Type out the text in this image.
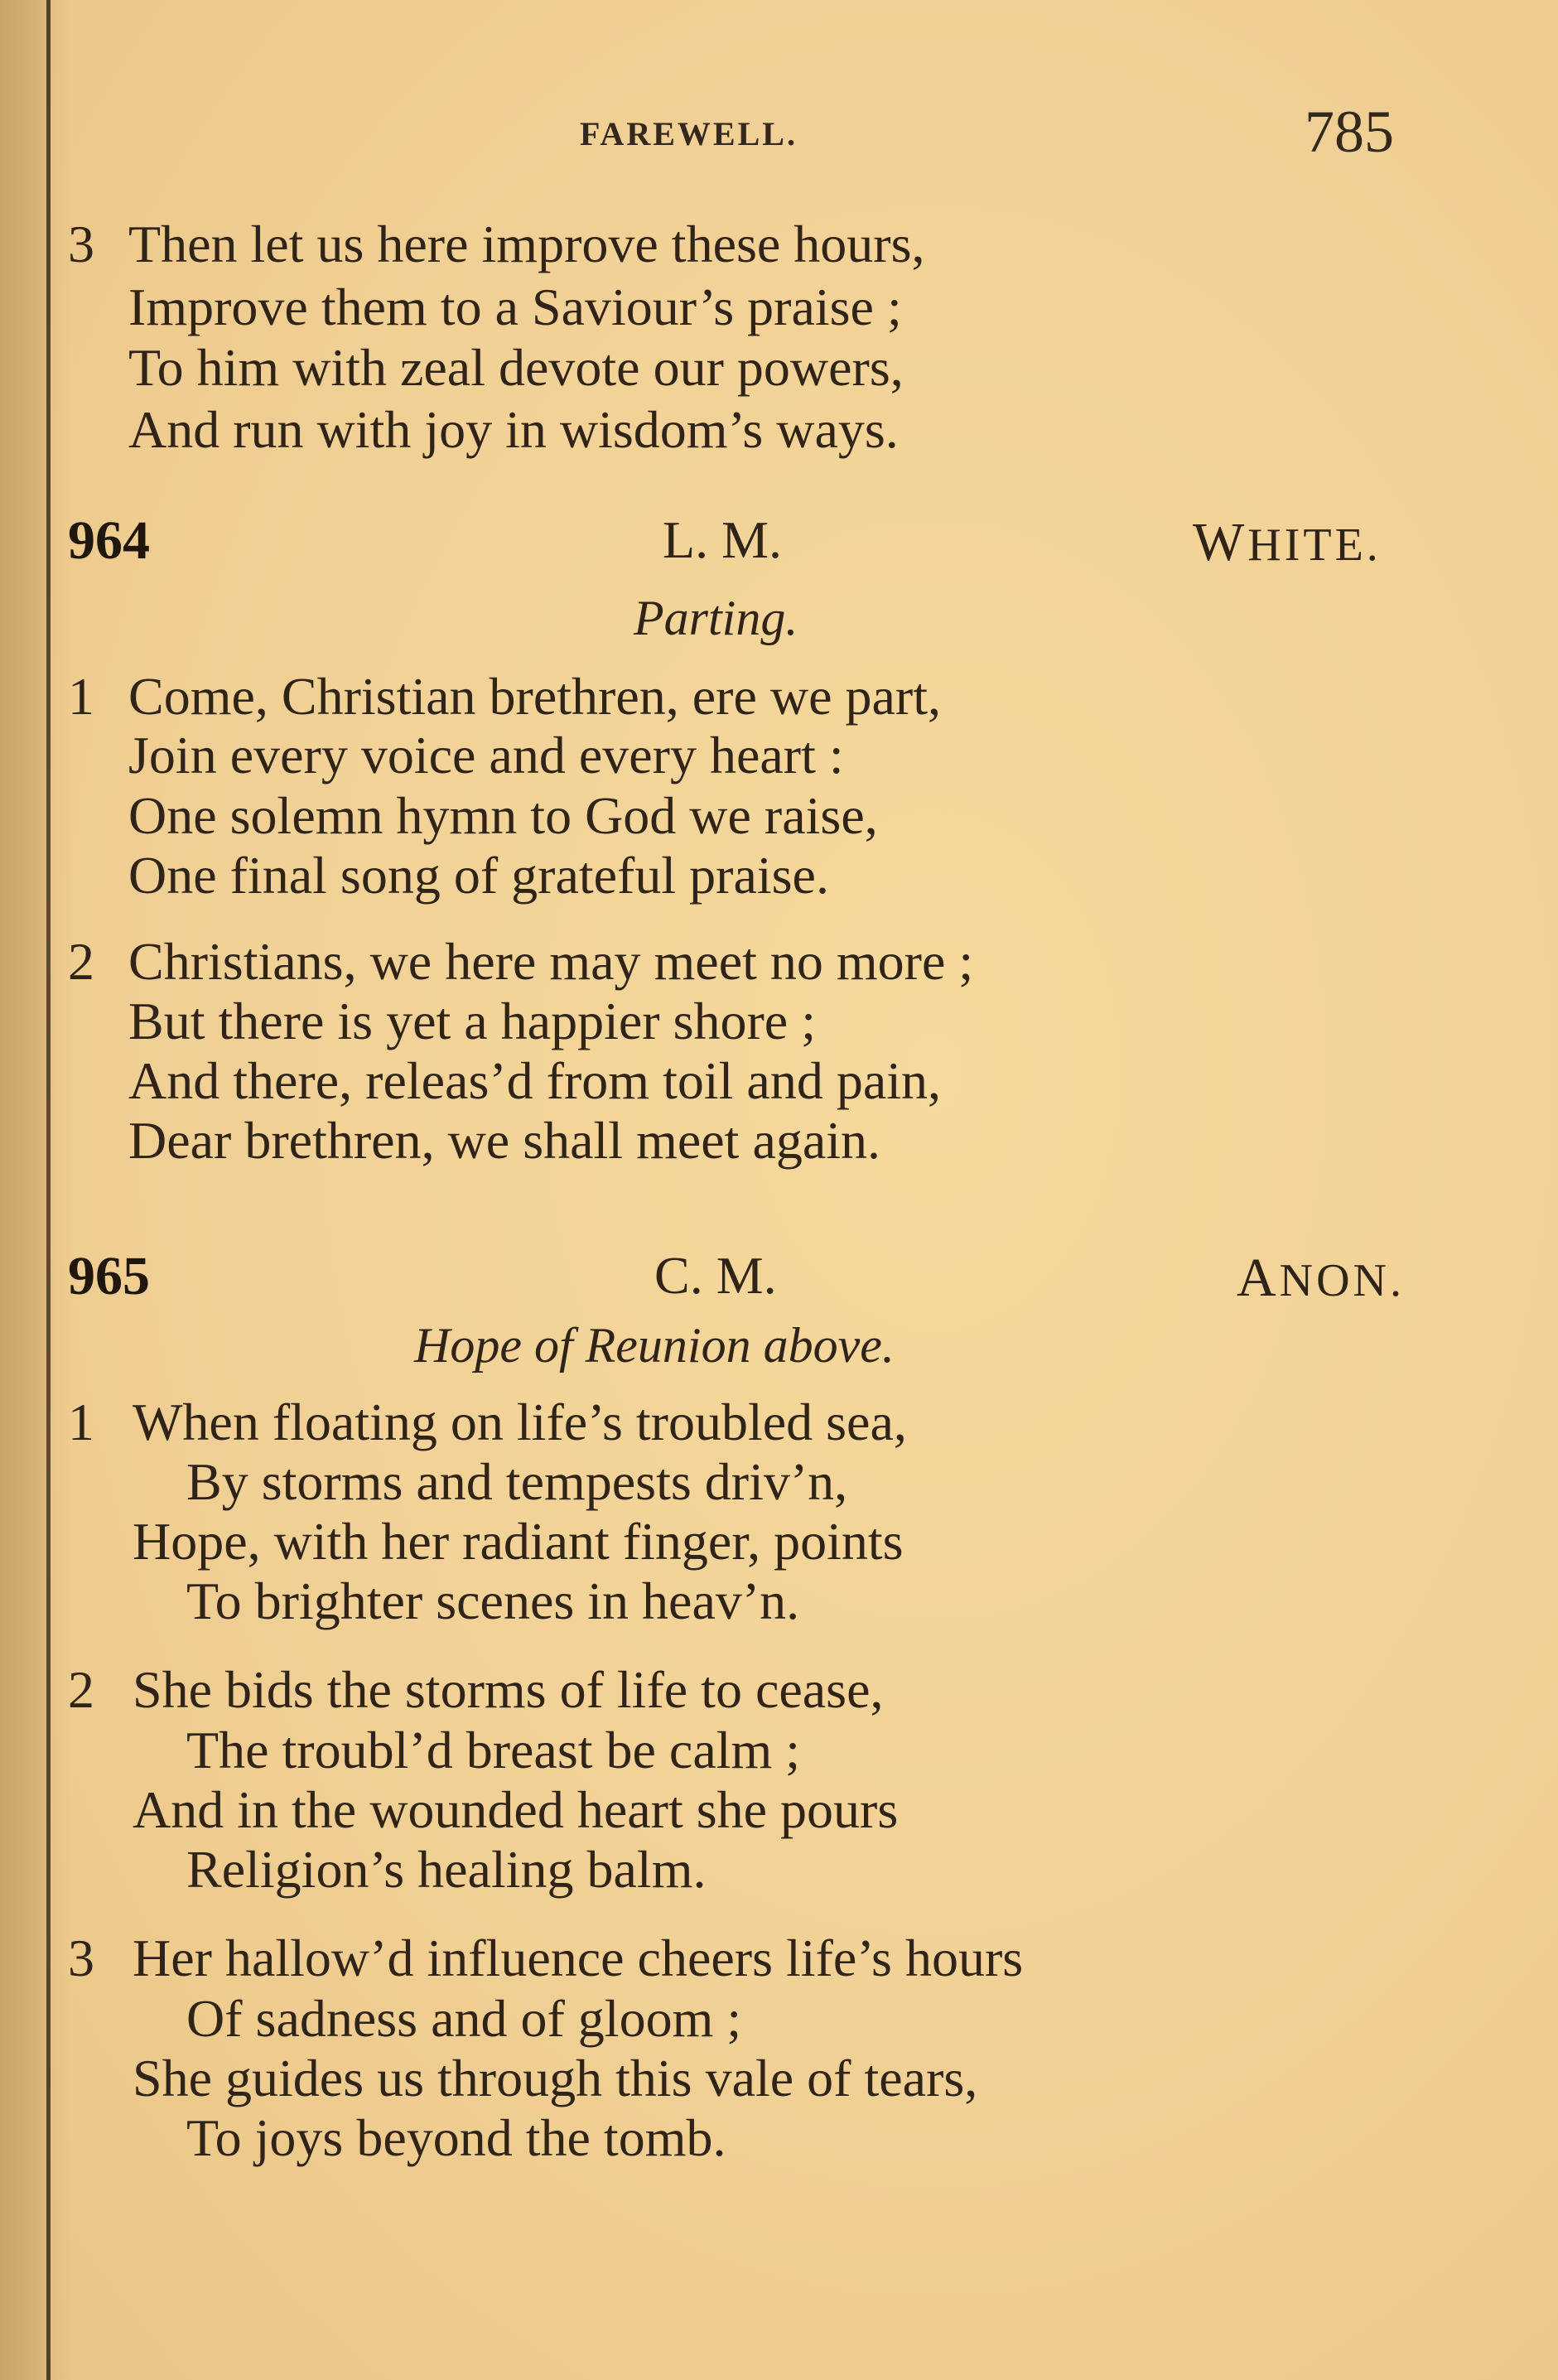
FAREWELL.	785
3 Then let us here improve these hours,
Improve them to a Saviour’s praise ;
To him with zeal devote our powers,
And run with joy in wisdom’s ways.
964	L. M.	WHITE.
Parting.
1 Come, Christian brethren, ere we part,
Join every voice and every heart :
One solemn hymn to God we raise,
One final song of grateful praise.
2 Christians, we here may meet no more ;
But there is yet a happier shore ;
And there, releas’d from toil and pain,
Dear brethren, we shall meet again.
965	C. M.	ANON.
Hope of Reunion above.
1 When floating on life’s troubled sea,
By storms and tempests driv’n,
Hope, with her radiant finger, points
To brighter scenes in heav’n.
2 She bids the storms of life to cease,
The troubl’d breast be calm ;
And in the wounded heart she pours
Religion’s healing balm.
3 Her hallow’d influence cheers life’s hours
Of sadness and of gloom ;
She guides us through this vale of tears,
To joys beyond the tomb.
